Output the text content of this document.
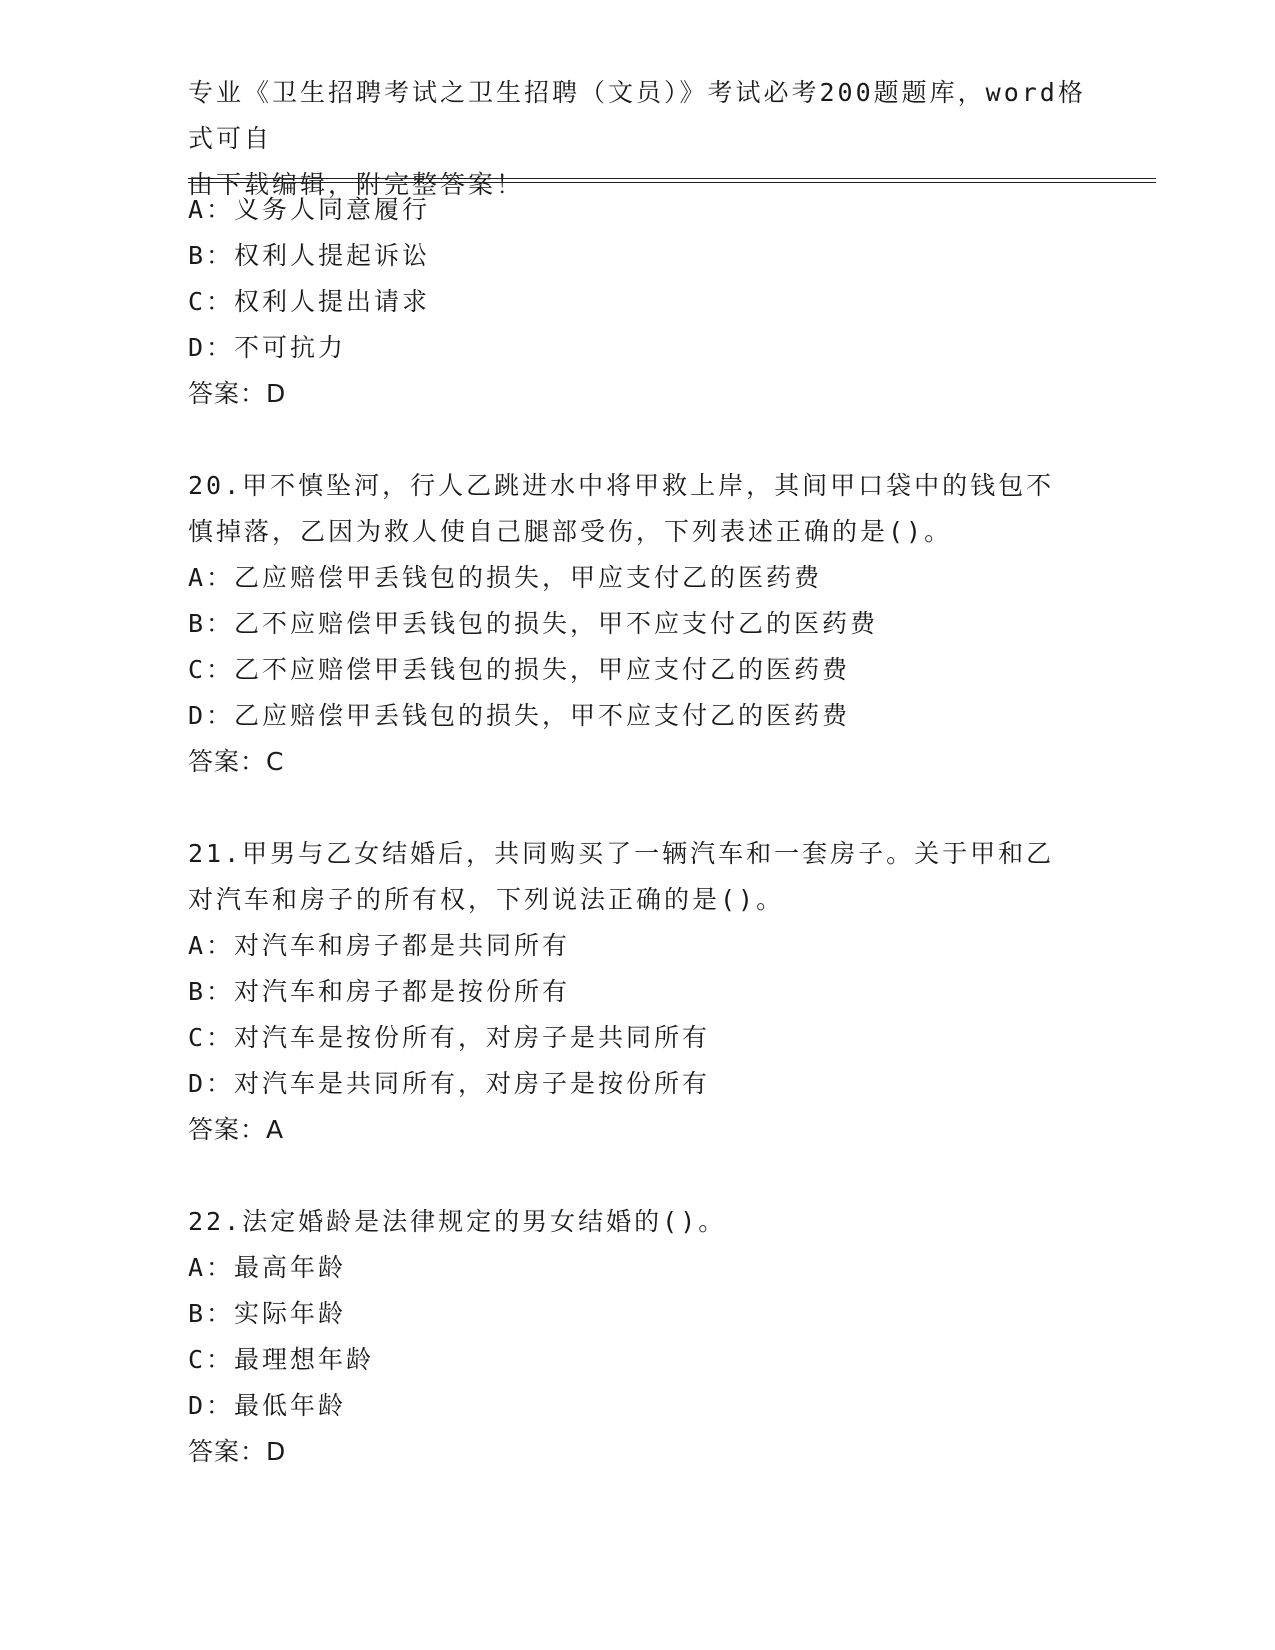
专业《卫生招聘考试之卫生招聘（文员）》考试必考200题题库，word格式可自
由下载编辑，附完整答案！

A：义务人同意履行
B：权利人提起诉讼
C：权利人提出请求
D：不可抗力
答案：D
20.甲不慎坠河，行人乙跳进水中将甲救上岸，其间甲口袋中的钱包不
慎掉落，乙因为救人使自己腿部受伤，下列表述正确的是()。
A：乙应赔偿甲丢钱包的损失，甲应支付乙的医药费
B：乙不应赔偿甲丢钱包的损失，甲不应支付乙的医药费
C：乙不应赔偿甲丢钱包的损失，甲应支付乙的医药费
D：乙应赔偿甲丢钱包的损失，甲不应支付乙的医药费
答案：C
21.甲男与乙女结婚后，共同购买了一辆汽车和一套房子。关于甲和乙
对汽车和房子的所有权，下列说法正确的是()。
A：对汽车和房子都是共同所有
B：对汽车和房子都是按份所有
C：对汽车是按份所有，对房子是共同所有
D：对汽车是共同所有，对房子是按份所有
答案：A
22.法定婚龄是法律规定的男女结婚的()。
A：最高年龄
B：实际年龄
C：最理想年龄
D：最低年龄
答案：D
